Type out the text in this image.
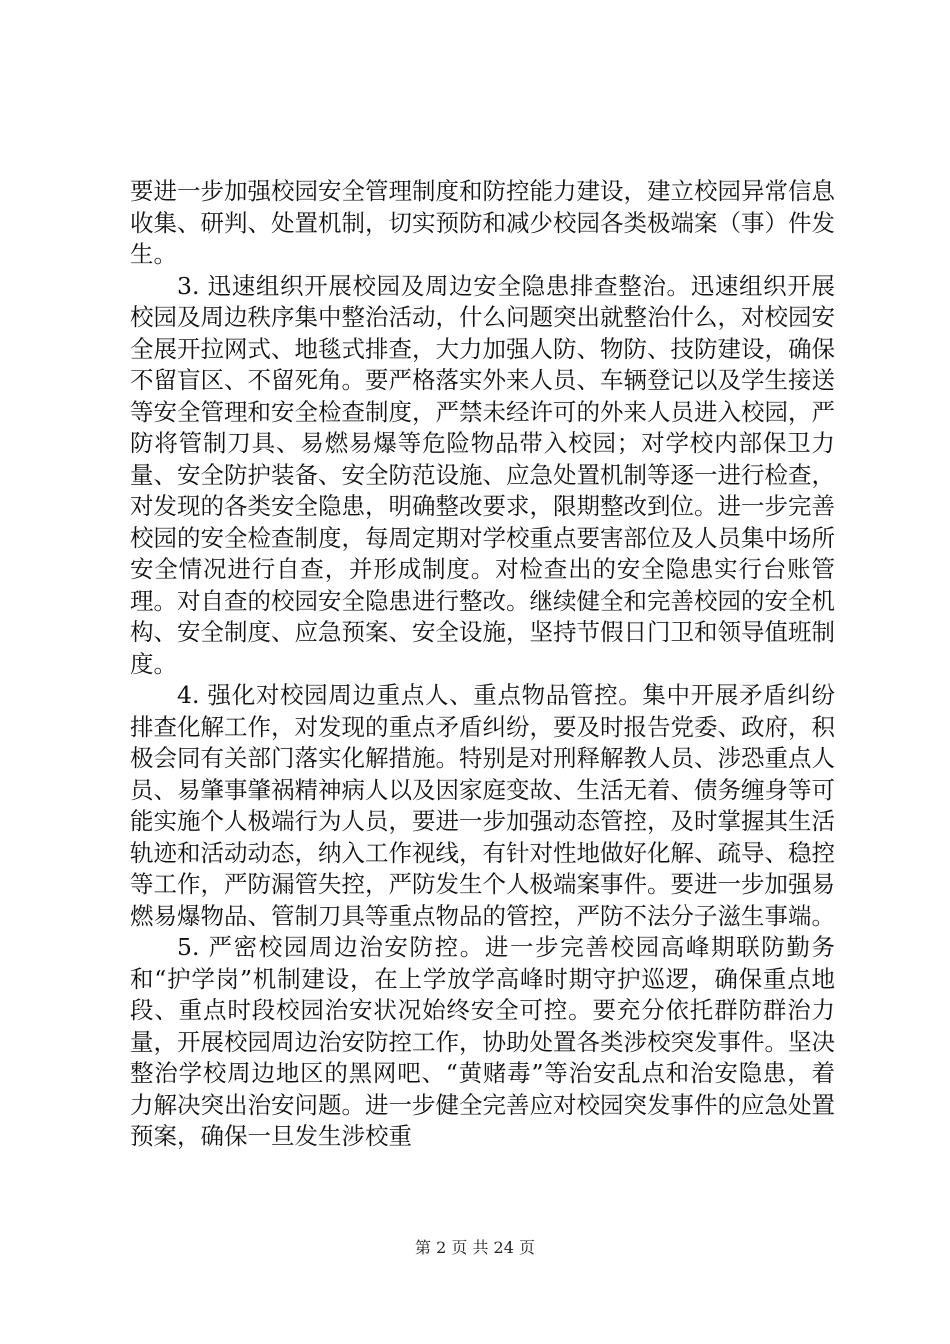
要进一步加强校园安全管理制度和防控能力建设，建立校园异常信息收集、研判、处置机制，切实预防和减少校园各类极端案（事）件发生。

3. 迅速组织开展校园及周边安全隐患排查整治。迅速组织开展校园及周边秩序集中整治活动，什么问题突出就整治什么，对校园安全展开拉网式、地毯式排查，大力加强人防、物防、技防建设，确保不留盲区、不留死角。要严格落实外来人员、车辆登记以及学生接送等安全管理和安全检查制度，严禁未经许可的外来人员进入校园，严防将管制刀具、易燃易爆等危险物品带入校园；对学校内部保卫力量、安全防护装备、安全防范设施、应急处置机制等逐一进行检查，对发现的各类安全隐患，明确整改要求，限期整改到位。进一步完善校园的安全检查制度，每周定期对学校重点要害部位及人员集中场所安全情况进行自查，并形成制度。对检查出的安全隐患实行台账管理。对自查的校园安全隐患进行整改。继续健全和完善校园的安全机构、安全制度、应急预案、安全设施，坚持节假日门卫和领导值班制度。

4. 强化对校园周边重点人、重点物品管控。集中开展矛盾纠纷排查化解工作，对发现的重点矛盾纠纷，要及时报告党委、政府，积极会同有关部门落实化解措施。特别是对刑释解教人员、涉恐重点人员、易肇事肇祸精神病人以及因家庭变故、生活无着、债务缠身等可能实施个人极端行为人员，要进一步加强动态管控，及时掌握其生活轨迹和活动动态，纳入工作视线，有针对性地做好化解、疏导、稳控等工作，严防漏管失控，严防发生个人极端案事件。要进一步加强易燃易爆物品、管制刀具等重点物品的管控，严防不法分子滋生事端。

5. 严密校园周边治安防控。进一步完善校园高峰期联防勤务和“护学岗”机制建设，在上学放学高峰时期守护巡逻，确保重点地段、重点时段校园治安状况始终安全可控。要充分依托群防群治力量，开展校园周边治安防控工作，协助处置各类涉校突发事件。坚决整治学校周边地区的黑网吧、“黄赌毒”等治安乱点和治安隐患，着力解决突出治安问题。进一步健全完善应对校园突发事件的应急处置预案，确保一旦发生涉校重

第 2 页 共 24 页
